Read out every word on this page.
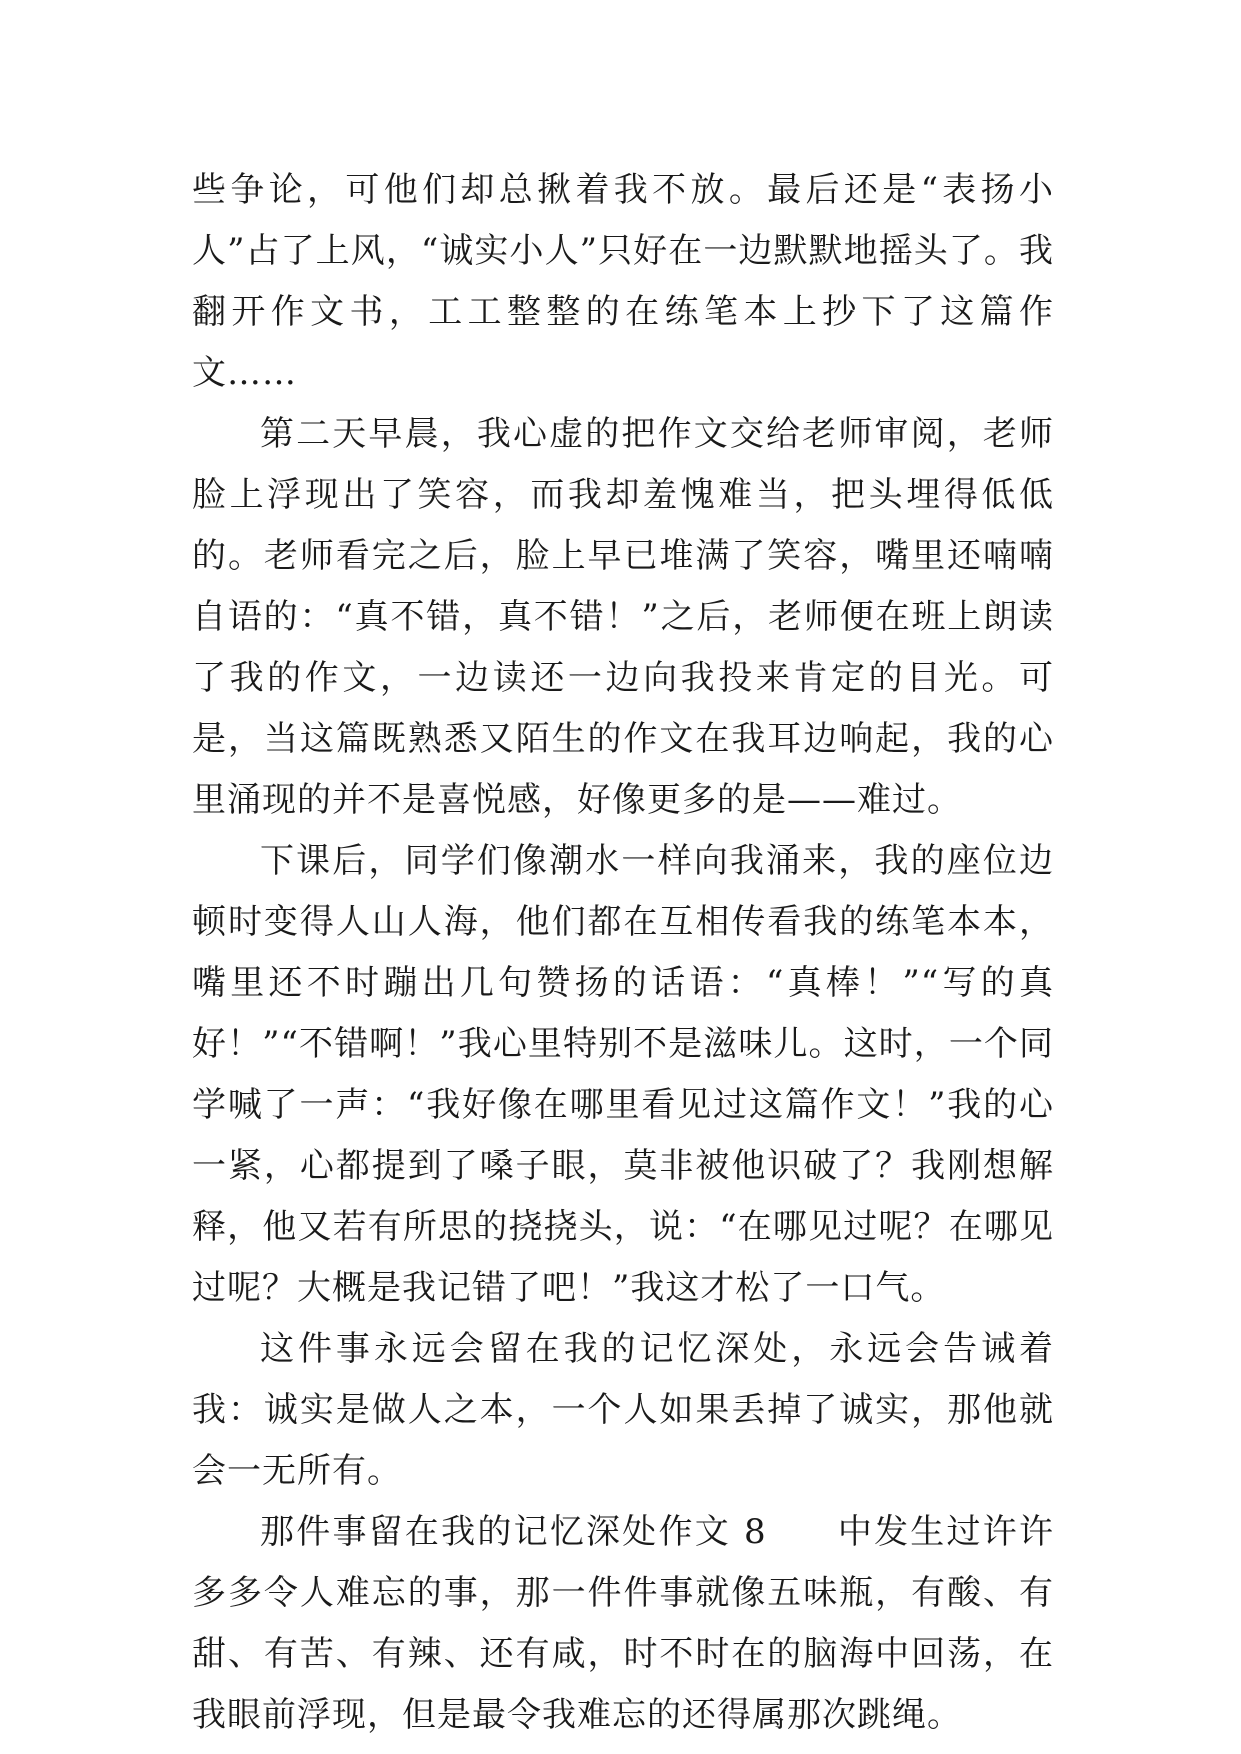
些争论，可他们却总揪着我不放。最后还是“表扬小人”占了上风，“诚实小人”只好在一边默默地摇头了。我翻开作文书，工工整整的在练笔本上抄下了这篇作文……

第二天早晨，我心虚的把作文交给老师审阅，老师脸上浮现出了笑容，而我却羞愧难当，把头埋得低低的。老师看完之后，脸上早已堆满了笑容，嘴里还喃喃自语的：“真不错，真不错！”之后，老师便在班上朗读了我的作文，一边读还一边向我投来肯定的目光。可是，当这篇既熟悉又陌生的作文在我耳边响起，我的心里涌现的并不是喜悦感，好像更多的是——难过。

下课后，同学们像潮水一样向我涌来，我的座位边顿时变得人山人海，他们都在互相传看我的练笔本本，嘴里还不时蹦出几句赞扬的话语：“真棒！”“写的真好！”“不错啊！”我心里特别不是滋味儿。这时，一个同学喊了一声：“我好像在哪里看见过这篇作文！”我的心一紧，心都提到了嗓子眼，莫非被他识破了？我刚想解释，他又若有所思的挠挠头，说：“在哪见过呢？在哪见过呢？大概是我记错了吧！”我这才松了一口气。

这件事永远会留在我的记忆深处，永远会告诫着我：诚实是做人之本，一个人如果丢掉了诚实，那他就会一无所有。

那件事留在我的记忆深处作文 8 中发生过许许多多令人难忘的事，那一件件事就像五味瓶，有酸、有甜、有苦、有辣、还有咸，时不时在的脑海中回荡，在我眼前浮现，但是最令我难忘的还得属那次跳绳。
